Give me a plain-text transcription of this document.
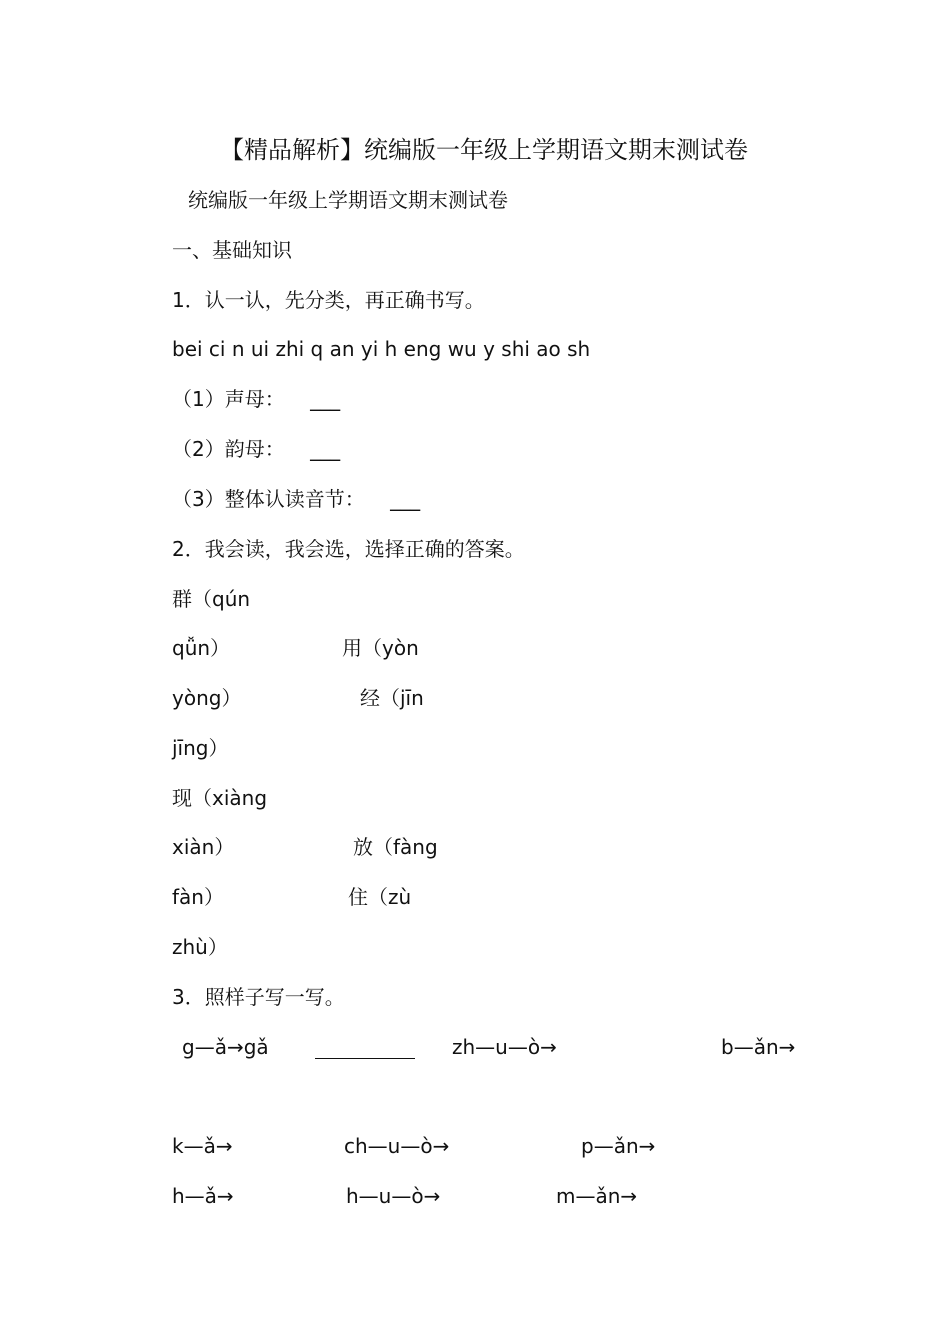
【精品解析】统编版一年级上学期语文期末测试卷
统编版一年级上学期语文期末测试卷
一、基础知识
1．认一认，先分类，再正确书写。
bei ci n ui zhi q an yi h eng wu y shi ao sh
（1）声母： ___
（2）韵母： ___
（3）整体认读音节： ___
2．我会读，我会选，选择正确的答案。
群（qún
qǚn）	用（yòn
yòng）	经（jīn
jīng）
现（xiàng
xiàn）	放（fàng
fàn）	住（zù
zhù）
3．照样子写一写。
g—ǎ→gǎ	zh—u—ò→	b—ǎn→
k—ǎ→	ch—u—ò→	p—ǎn→
h—ǎ→	h—u—ò→	m—ǎn→
